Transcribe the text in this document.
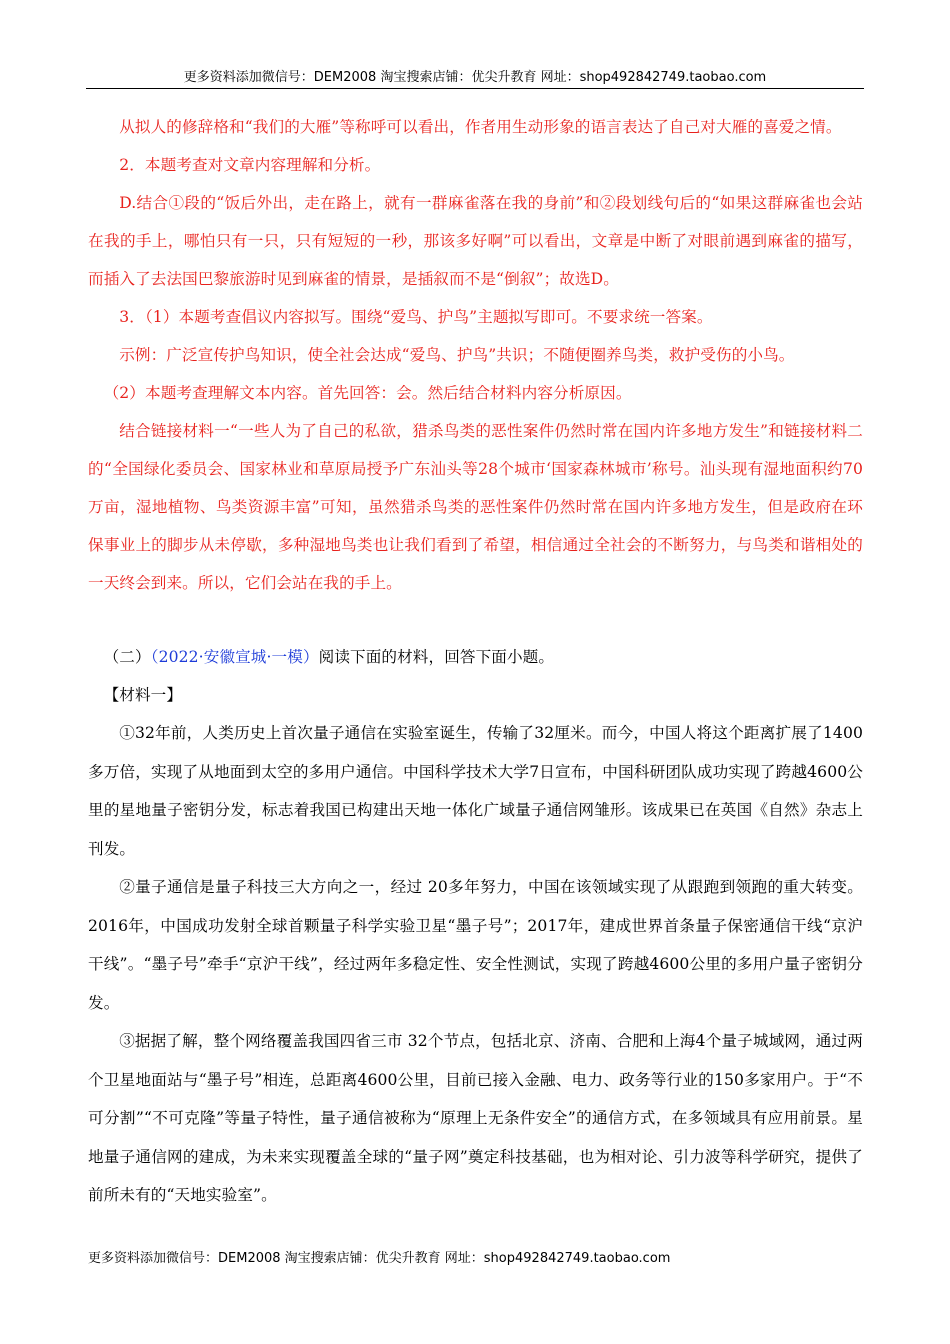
更多资料添加微信号：DEM2008 淘宝搜索店铺：优尖升教育 网址：shop492842749.taobao.com

从拟人的修辞格和“我们的大雁”等称呼可以看出，作者用生动形象的语言表达了自己对大雁的喜爱之情。

2．本题考查对文章内容理解和分析。

D.结合①段的“饭后外出，走在路上，就有一群麻雀落在我的身前”和②段划线句后的“如果这群麻雀也会站在我的手上，哪怕只有一只，只有短短的一秒，那该多好啊”可以看出，文章是中断了对眼前遇到麻雀的描写，而插入了去法国巴黎旅游时见到麻雀的情景，是插叙而不是“倒叙”；故选D。

3．（1）本题考查倡议内容拟写。围绕“爱鸟、护鸟”主题拟写即可。不要求统一答案。

示例：广泛宣传护鸟知识，使全社会达成“爱鸟、护鸟”共识；不随便圈养鸟类，救护受伤的小鸟。

（2）本题考查理解文本内容。首先回答：会。然后结合材料内容分析原因。

结合链接材料一“一些人为了自己的私欲，猎杀鸟类的恶性案件仍然时常在国内许多地方发生”和链接材料二的“全国绿化委员会、国家林业和草原局授予广东汕头等28个城市‘国家森林城市’称号。汕头现有湿地面积约70万亩，湿地植物、鸟类资源丰富”可知，虽然猎杀鸟类的恶性案件仍然时常在国内许多地方发生，但是政府在环保事业上的脚步从未停歇，多种湿地鸟类也让我们看到了希望，相信通过全社会的不断努力，与鸟类和谐相处的一天终会到来。所以，它们会站在我的手上。

（二）（2022·安徽宣城·一模）阅读下面的材料，回答下面小题。

【材料一】

①32年前，人类历史上首次量子通信在实验室诞生，传输了32厘米。而今，中国人将这个距离扩展了1400多万倍，实现了从地面到太空的多用户通信。中国科学技术大学7日宣布，中国科研团队成功实现了跨越4600公里的星地量子密钥分发，标志着我国已构建出天地一体化广域量子通信网雏形。该成果已在英国《自然》杂志上刊发。

②量子通信是量子科技三大方向之一，经过 20多年努力，中国在该领域实现了从跟跑到领跑的重大转变。2016年，中国成功发射全球首颗量子科学实验卫星“墨子号”；2017年，建成世界首条量子保密通信干线“京沪干线”。“墨子号”牵手“京沪干线”，经过两年多稳定性、安全性测试，实现了跨越4600公里的多用户量子密钥分发。

③据据了解，整个网络覆盖我国四省三市 32个节点，包括北京、济南、合肥和上海4个量子城域网，通过两个卫星地面站与“墨子号”相连，总距离4600公里，目前已接入金融、电力、政务等行业的150多家用户。于“不可分割”“不可克隆”等量子特性，量子通信被称为“原理上无条件安全”的通信方式，在多领域具有应用前景。星地量子通信网的建成，为未来实现覆盖全球的“量子网”奠定科技基础，也为相对论、引力波等科学研究，提供了前所未有的“天地实验室”。

更多资料添加微信号：DEM2008 淘宝搜索店铺：优尖升教育 网址：shop492842749.taobao.com
